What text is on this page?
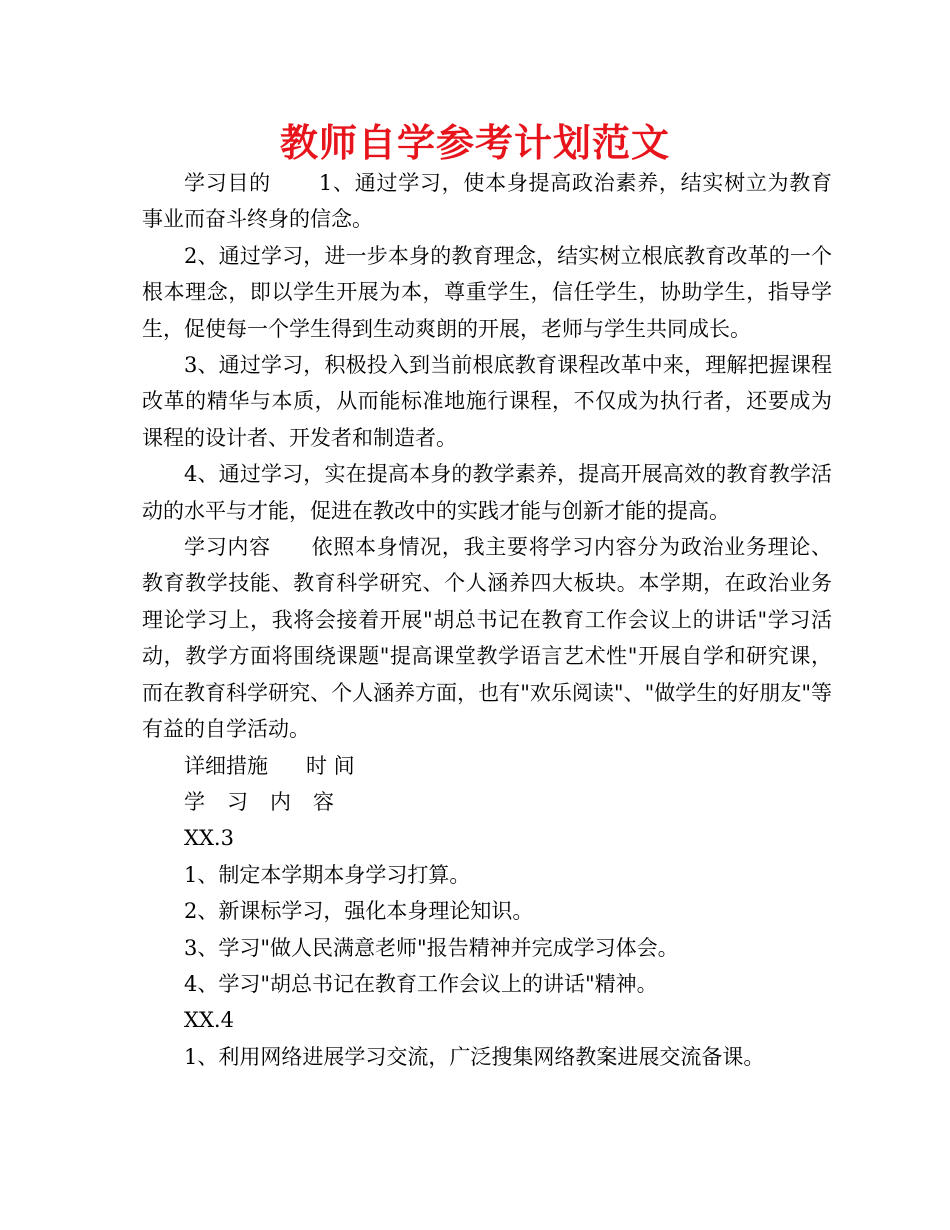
教师自学参考计划范文

学习目的 1、通过学习，使本身提高政治素养，结实树立为教育事业而奋斗终身的信念。

2、通过学习，进一步本身的教育理念，结实树立根底教育改革的一个根本理念，即以学生开展为本，尊重学生，信任学生，协助学生，指导学生，促使每一个学生得到生动爽朗的开展，老师与学生共同成长。

3、通过学习，积极投入到当前根底教育课程改革中来，理解把握课程改革的精华与本质，从而能标准地施行课程，不仅成为执行者，还要成为课程的设计者、开发者和制造者。

4、通过学习，实在提高本身的教学素养，提高开展高效的教育教学活动的水平与才能，促进在教改中的实践才能与创新才能的提高。

学习内容 依照本身情况，我主要将学习内容分为政治业务理论、教育教学技能、教育科学研究、个人涵养四大板块。本学期，在政治业务理论学习上，我将会接着开展"胡总书记在教育工作会议上的讲话"学习活动，教学方面将围绕课题"提高课堂教学语言艺术性"开展自学和研究课，而在教育科学研究、个人涵养方面，也有"欢乐阅读"、"做学生的好朋友"等有益的自学活动。

详细措施 时 间

学习内容

XX.3

1、制定本学期本身学习打算。

2、新课标学习，强化本身理论知识。

3、学习"做人民满意老师"报告精神并完成学习体会。

4、学习"胡总书记在教育工作会议上的讲话"精神。

XX.4

1、利用网络进展学习交流，广泛搜集网络教案进展交流备课。
